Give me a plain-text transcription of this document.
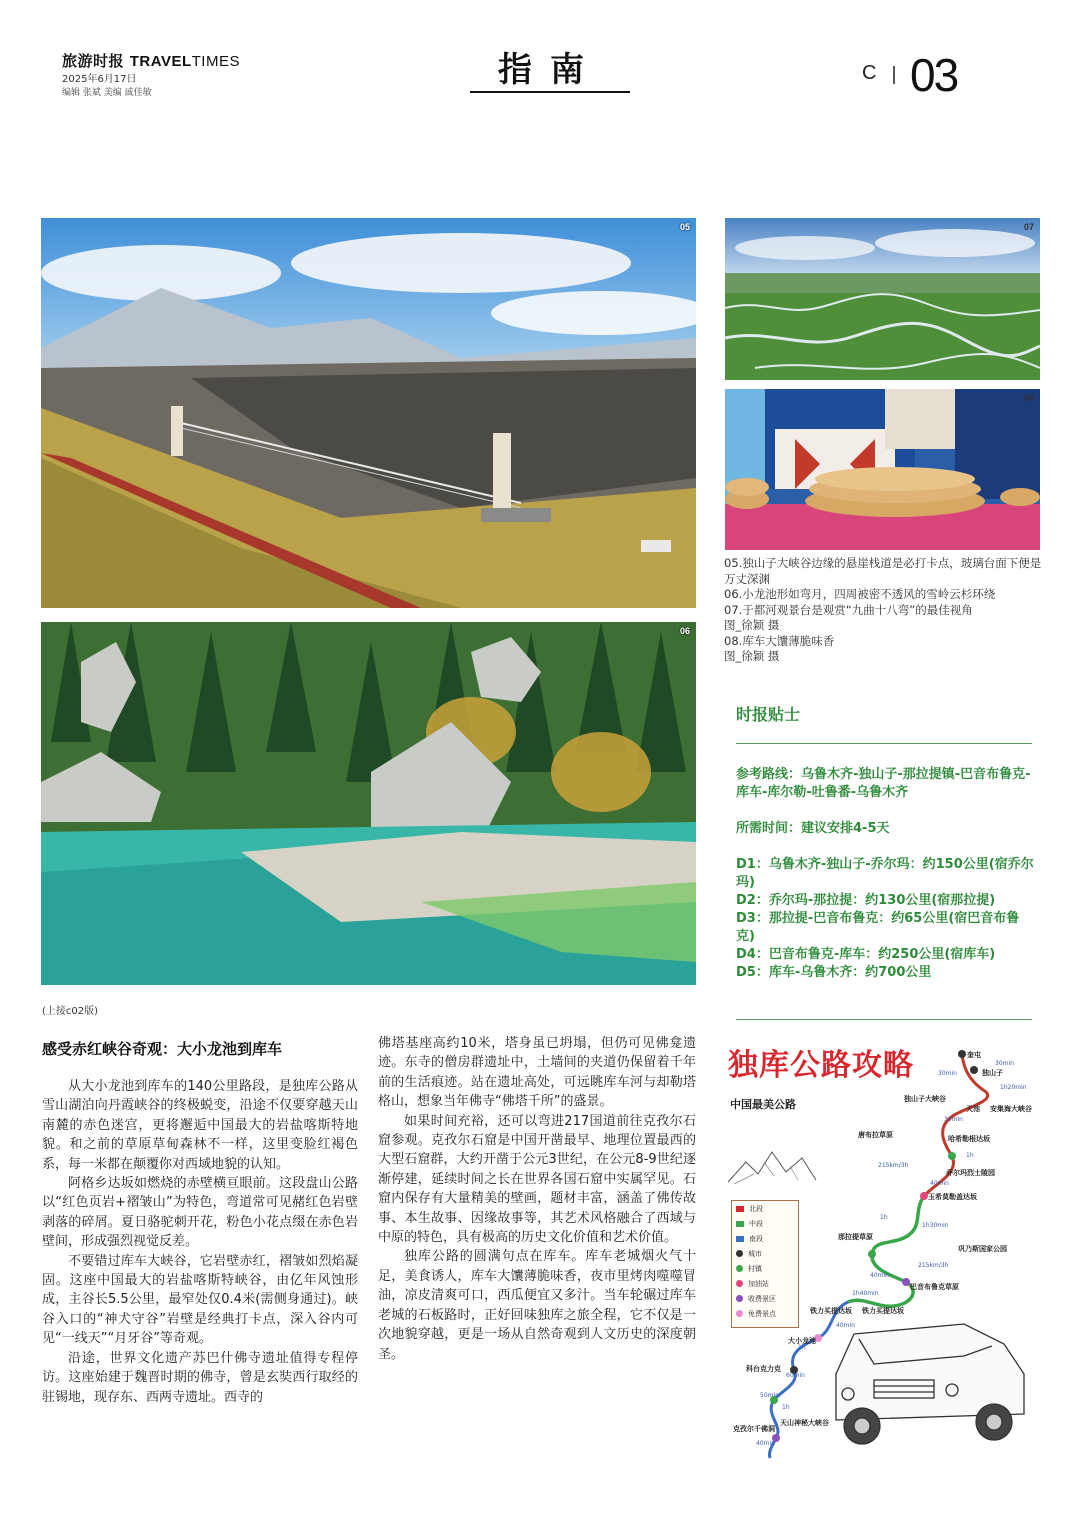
旅游时报 TRAVELTIMES
2025年6月17日
编辑 张斌 美编 戚佳敏
指南	C 03
05
06
07
08

05.独山子大峡谷边缘的悬崖栈道是必打卡点，玻璃台面下便是万丈深渊

06.小龙池形如弯月，四周被密不透风的雪岭云杉环绕

07.于都河观景台是观赏“九曲十八弯”的最佳视角

图_徐颖 摄

08.库车大馕薄脆味香

图_徐颖 摄

时报贴士

参考路线：乌鲁木齐-独山子-那拉提镇-巴音布鲁克-库车-库尔勒-吐鲁番-乌鲁木齐

所需时间：建议安排4-5天

D1：乌鲁木齐-独山子-乔尔玛：约150公里(宿乔尔玛)

D2：乔尔玛-那拉提：约130公里(宿那拉提)

D3：那拉提-巴音布鲁克：约65公里(宿巴音布鲁克)

D4：巴音布鲁克-库车：约250公里(宿库车)

D5：库车-乌鲁木齐：约700公里

独库公路攻略
中国最美公路
北段
中段
南段
城市
村镇
加油站
收费景区
免费景点
奎屯
独山子
独山子大峡谷
天池 安集海大峡谷
唐布拉草原	哈希勒根达坂
乔尔玛烈士陵园
玉希莫勒盖达坂
那拉提草原
巩乃斯国家公园
巴音布鲁克草原
铁力买提达坂 铁力买提达坂
大小龙池
科台克力克
天山神秘大峡谷
克孜尔千佛洞
30min
30min
1h20min
30min
1h
215km/3h
40min
1h
1h30min
215km/3h
40min
1h40min
40min
1h
60min
50min
1h
40min
(上接c02版)
感受赤红峡谷奇观：大小龙池到库车

从大小龙池到库车的140公里路段，是独库公路从雪山湖泊向丹霞峡谷的终极蜕变，沿途不仅要穿越天山南麓的赤色迷宫，更将邂逅中国最大的岩盐喀斯特地貌。和之前的草原草甸森林不一样，这里变脸红褐色系，每一米都在颠覆你对西域地貌的认知。

阿格乡达坂如燃烧的赤壁横亘眼前。这段盘山公路以“红色页岩+褶皱山”为特色，弯道常可见赭红色岩壁剥落的碎屑。夏日骆驼刺开花，粉色小花点缀在赤色岩壁间，形成强烈视觉反差。

不要错过库车大峡谷，它岩壁赤红，褶皱如烈焰凝固。这座中国最大的岩盐喀斯特峡谷，由亿年风蚀形成，主谷长5.5公里，最窄处仅0.4米(需侧身通过)。峡谷入口的“神犬守谷”岩壁是经典打卡点，深入谷内可见“一线天”“月牙谷”等奇观。

沿途，世界文化遗产苏巴什佛寺遗址值得专程停访。这座始建于魏晋时期的佛寺，曾是玄奘西行取经的驻锡地，现存东、西两寺遗址。西寺的

佛塔基座高约10米，塔身虽已坍塌，但仍可见佛龛遗迹。东寺的僧房群遗址中，土墙间的夹道仍保留着千年前的生活痕迹。站在遗址高处，可远眺库车河与却勒塔格山，想象当年佛寺“佛塔千所”的盛景。

如果时间充裕，还可以弯进217国道前往克孜尔石窟参观。克孜尔石窟是中国开凿最早、地理位置最西的大型石窟群，大约开凿于公元3世纪，在公元8-9世纪逐渐停建，延续时间之长在世界各国石窟中实属罕见。石窟内保存有大量精美的壁画，题材丰富，涵盖了佛传故事、本生故事、因缘故事等，其艺术风格融合了西域与中原的特色，具有极高的历史文化价值和艺术价值。

独库公路的圆满句点在库车。库车老城烟火气十足，美食诱人，库车大馕薄脆味香，夜市里烤肉噬噬冒油，凉皮清爽可口，西瓜便宜又多汁。当车轮碾过库车老城的石板路时，正好回味独库之旅全程，它不仅是一次地貌穿越，更是一场从自然奇观到人文历史的深度朝圣。
